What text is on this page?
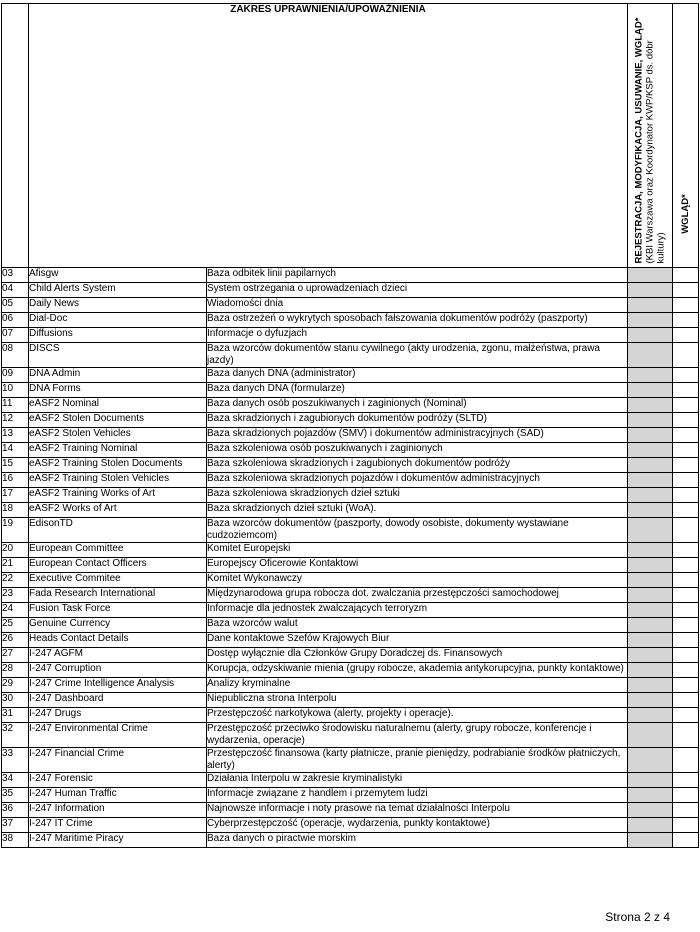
	ZAKRES UPRAWNIENIA/UPOWAŻNIENIA		REJESTRACJA, MODYFIKACJA, USUWANIE, WGLĄD* (KBI Warszawa oraz Koordynator KWP/KSP ds. dóbr kultury)	WGLĄD*

03	Afisgw	Baza odbitek linii papilarnych		
04	Child Alerts System	System ostrzegania o uprowadzeniach dzieci		
05	Daily News	Wiadomości dnia		
06	Dial-Doc	Baza ostrzeżeń o wykrytych sposobach fałszowania dokumentów podróży (paszporty)		
07	Diffusions	Informacje o dyfuzjach		
08	DISCS	Baza wzorców dokumentów stanu cywilnego (akty urodzenia, zgonu, małżeństwa, prawa jazdy)		
09	DNA Admin	Baza danych DNA (administrator)		
10	DNA Forms	Baza danych DNA (formularze)		
11	eASF2 Nominal	Baza danych osób poszukiwanych i zaginionych (Nominal)		
12	eASF2 Stolen Documents	Baza skradzionych i zagubionych dokumentów podróży (SLTD)		
13	eASF2 Stolen Vehicles	Baza skradzionych pojazdów (SMV) i dokumentów administracyjnych (SAD)		
14	eASF2 Training Nominal	Baza szkoleniowa osób poszukiwanych i zaginionych		
15	eASF2 Training Stolen Documents	Baza szkoleniowa skradzionych i zagubionych dokumentów podróży		
16	eASF2 Training Stolen Vehicles	Baza szkoleniowa skradzionych pojazdów i dokumentów administracyjnych		
17	eASF2 Training Works of Art	Baza szkoleniowa skradzionych dzieł sztuki		
18	eASF2 Works of Art	Baza skradzionych dzieł sztuki (WoA).		
19	EdisonTD	Baza wzorców dokumentów (paszporty, dowody osobiste, dokumenty wystawiane cudzoziemcom)		
20	European Committee	Komitet Europejski		
21	European Contact Officers	Europejscy Oficerowie Kontaktowi		
22	Executive Commitee	Komitet Wykonawczy		
23	Fada Research International	Międzynarodowa grupa robocza dot. zwalczania przestępczości samochodowej		
24	Fusion Task Force	Informacje dla jednostek zwalczających terroryzm		
25	Genuine Currency	Baza wzorców walut		
26	Heads Contact Details	Dane kontaktowe Szefów Krajowych Biur		
27	I-247 AGFM	Dostęp wyłącznie dla Członków Grupy Doradczej ds. Finansowych		
28	I-247 Corruption	Korupcja, odzyskiwanie mienia (grupy robocze, akademia antykorupcyjna, punkty kontaktowe)		
29	I-247 Crime Intelligence Analysis	Analizy kryminalne		
30	I-247 Dashboard	Niepubliczna strona Interpolu		
31	I-247 Drugs	Przestępczość narkotykowa (alerty, projekty i operacje).		
32	I-247 Environmental Crime	Przestępczość przeciwko środowisku naturalnemu (alerty, grupy robocze, konferencje i wydarzenia, operacje)		
33	I-247 Financial Crime	Przestępczość finansowa (karty płatnicze, pranie pieniędzy, podrabianie środków płatniczych, alerty)		
34	I-247 Forensic	Działania Interpolu w zakresie kryminalistyki		
35	I-247 Human Traffic	Informacje związane z handlem i przemytem ludzi		
36	I-247 Information	Najnowsze informacje i noty prasowe na temat działalności Interpolu		
37	I-247 IT Crime	Cyberprzestępczość (operacje, wydarzenia, punkty kontaktowe)		
38	I-247 Maritime Piracy	Baza danych o piractwie morskim		
Strona 2 z 4
